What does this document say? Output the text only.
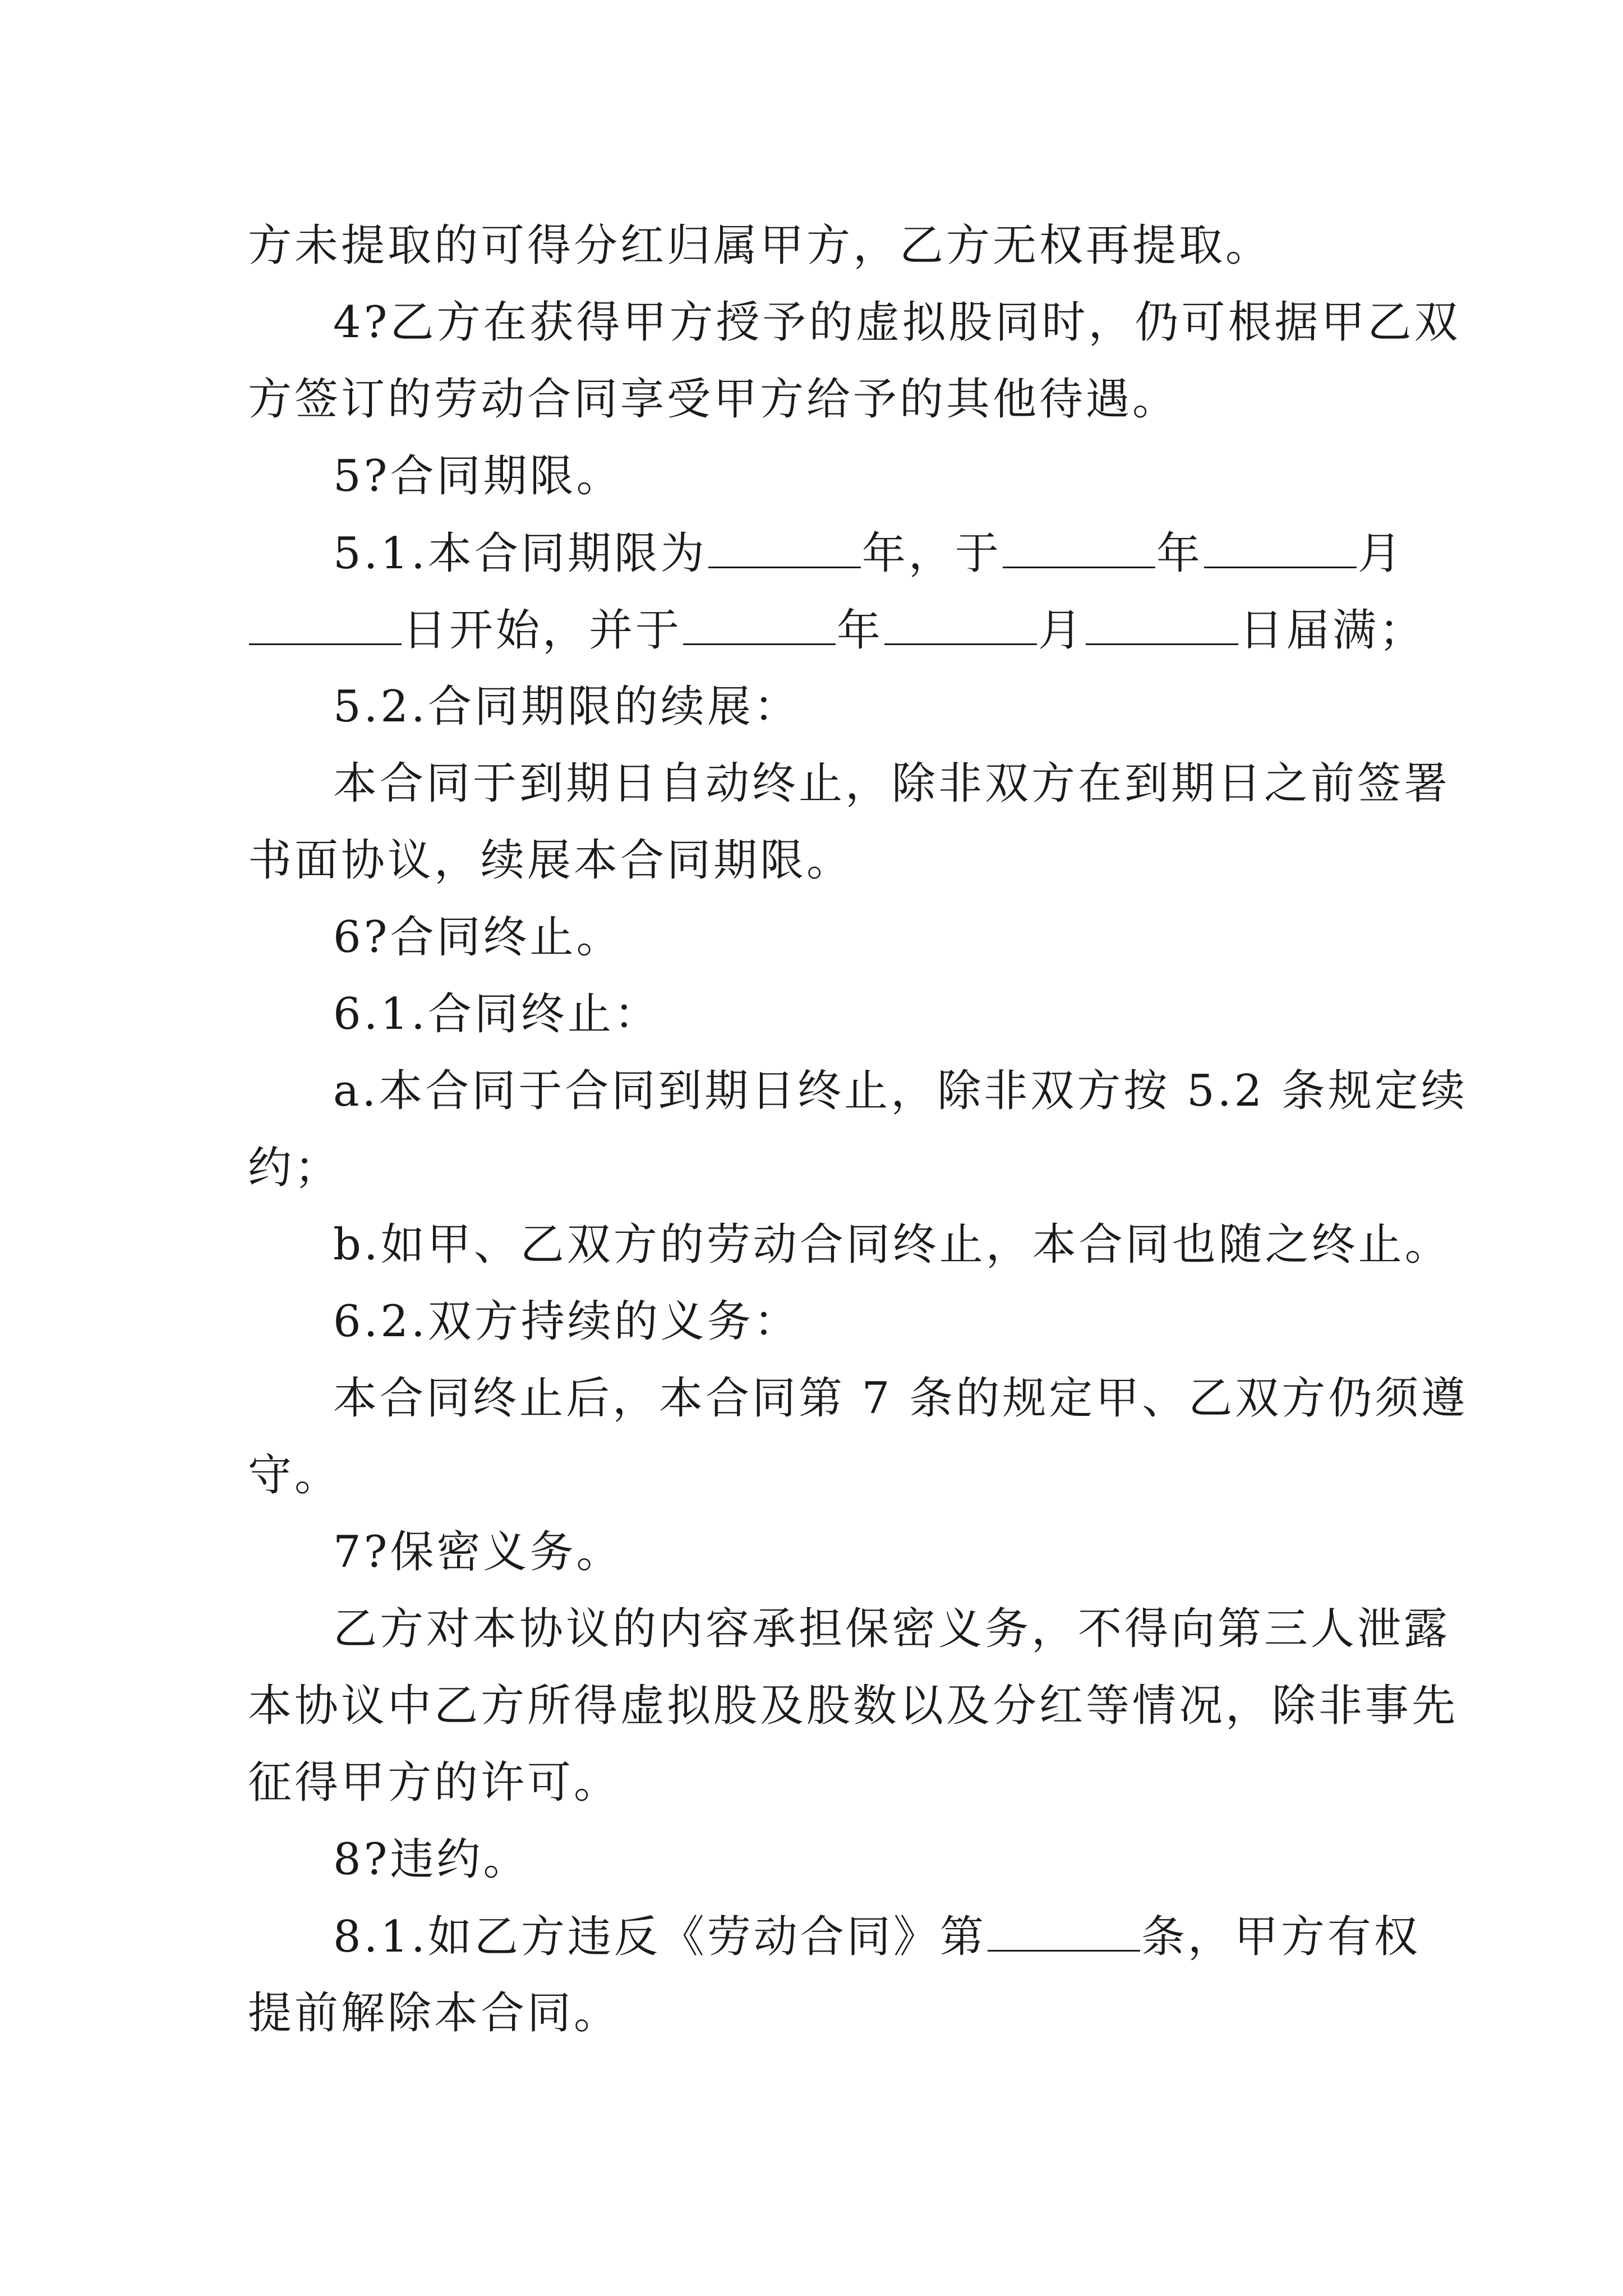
方未提取的可得分红归属甲方，乙方无权再提取。
4?乙方在获得甲方授予的虚拟股同时，仍可根据甲乙双
方签订的劳动合同享受甲方给予的其他待遇。
5?合同期限。
5.1.本合同期限为	年，于	年	月
日开始，并于	年	月	日届满；
5.2.合同期限的续展：
本合同于到期日自动终止，除非双方在到期日之前签署
书面协议，续展本合同期限。
6?合同终止。
6.1.合同终止：
a.本合同于合同到期日终止，除非双方按 5.2 条规定续
约；
b.如甲、乙双方的劳动合同终止，本合同也随之终止。
6.2.双方持续的义务：
本合同终止后，本合同第 7 条的规定甲、乙双方仍须遵
守。
7?保密义务。
乙方对本协议的内容承担保密义务，不得向第三人泄露
本协议中乙方所得虚拟股及股数以及分红等情况，除非事先
征得甲方的许可。
8?违约。
8.1.如乙方违反《劳动合同》第	条，甲方有权
提前解除本合同。
